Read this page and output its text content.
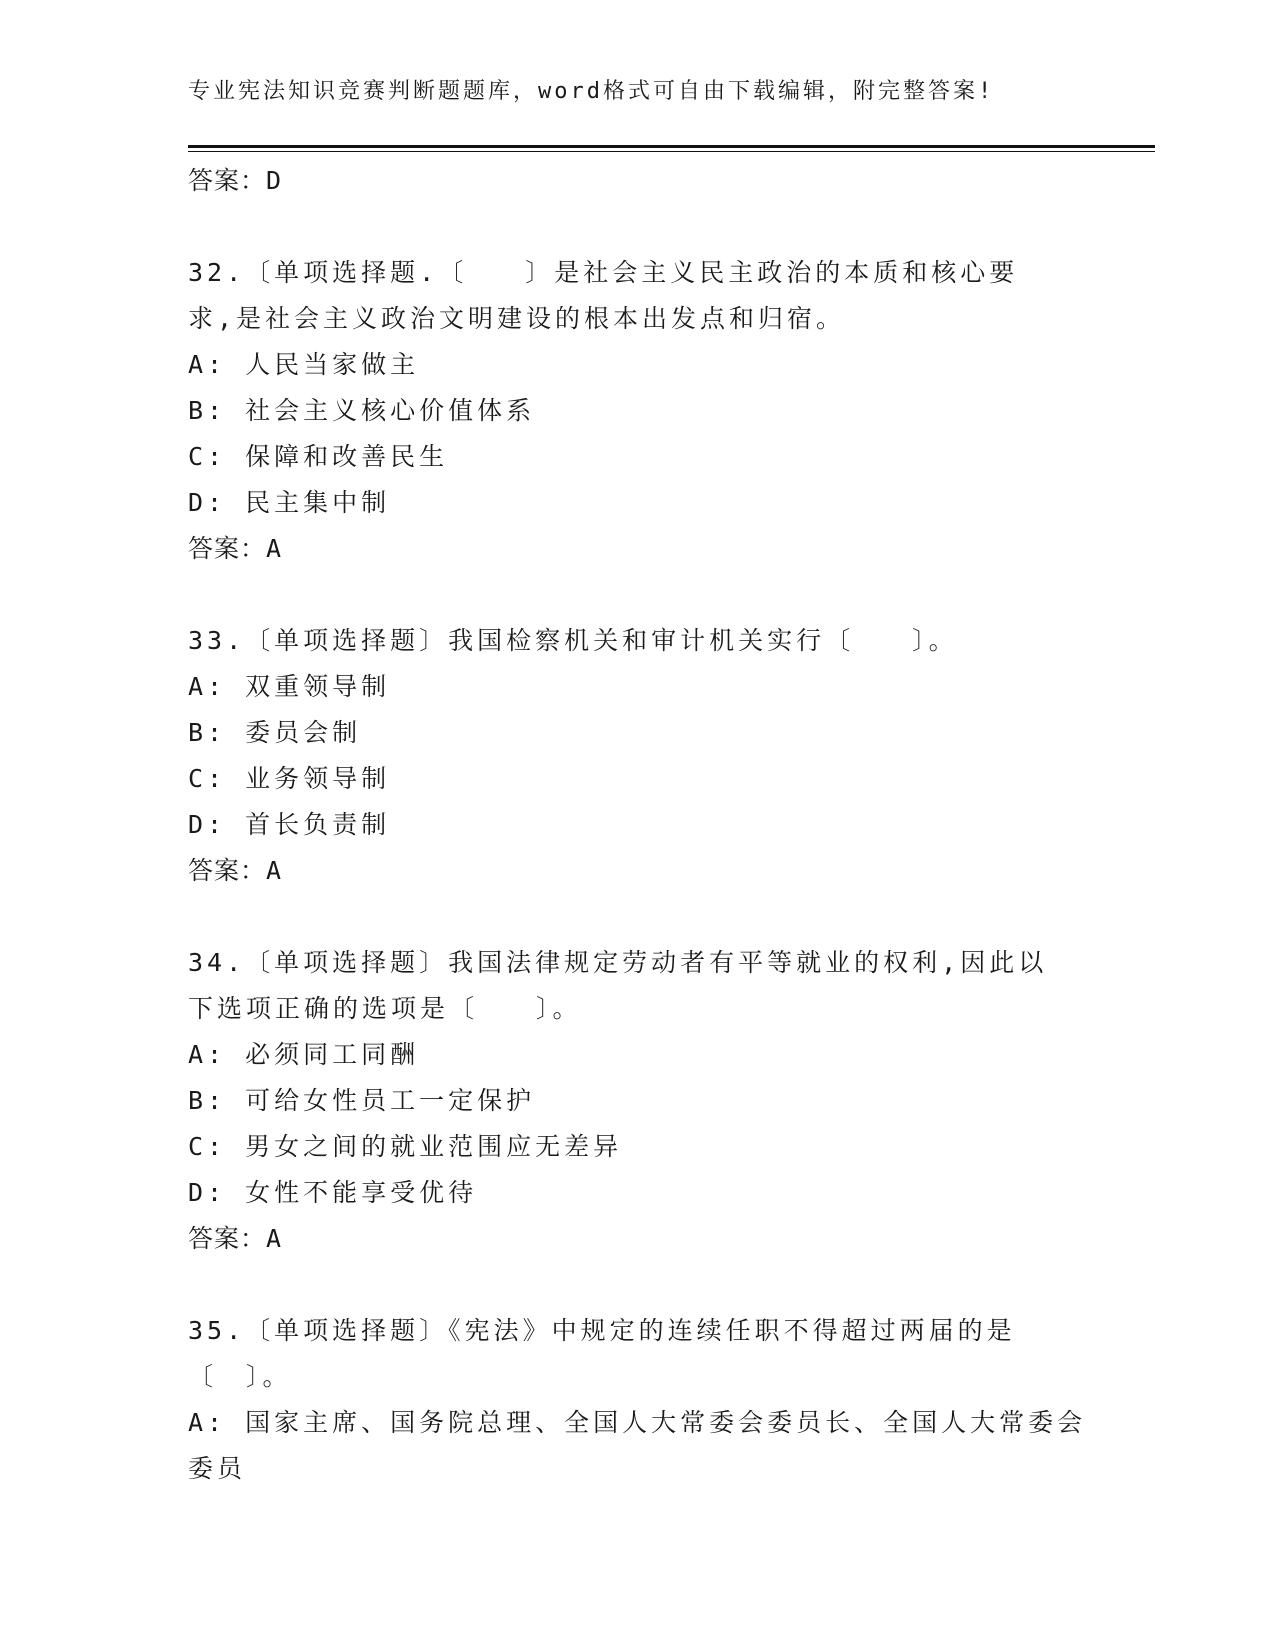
专业宪法知识竞赛判断题题库，word格式可自由下载编辑，附完整答案!
答案：D
32.〔单项选择题.〔　　〕是社会主义民主政治的本质和核心要求,是社会主义政治文明建设的根本出发点和归宿。
A: 人民当家做主
B: 社会主义核心价值体系
C: 保障和改善民生
D: 民主集中制
答案：A
33.〔单项选择题〕我国检察机关和审计机关实行〔　　〕。
A: 双重领导制
B: 委员会制
C: 业务领导制
D: 首长负责制
答案：A
34.〔单项选择题〕我国法律规定劳动者有平等就业的权利,因此以下选项正确的选项是〔　　〕。
A: 必须同工同酬
B: 可给女性员工一定保护
C: 男女之间的就业范围应无差异
D: 女性不能享受优待
答案：A
35.〔单项选择题〕《宪法》中规定的连续任职不得超过两届的是〔　〕。
A: 国家主席、国务院总理、全国人大常委会委员长、全国人大常委会委员
